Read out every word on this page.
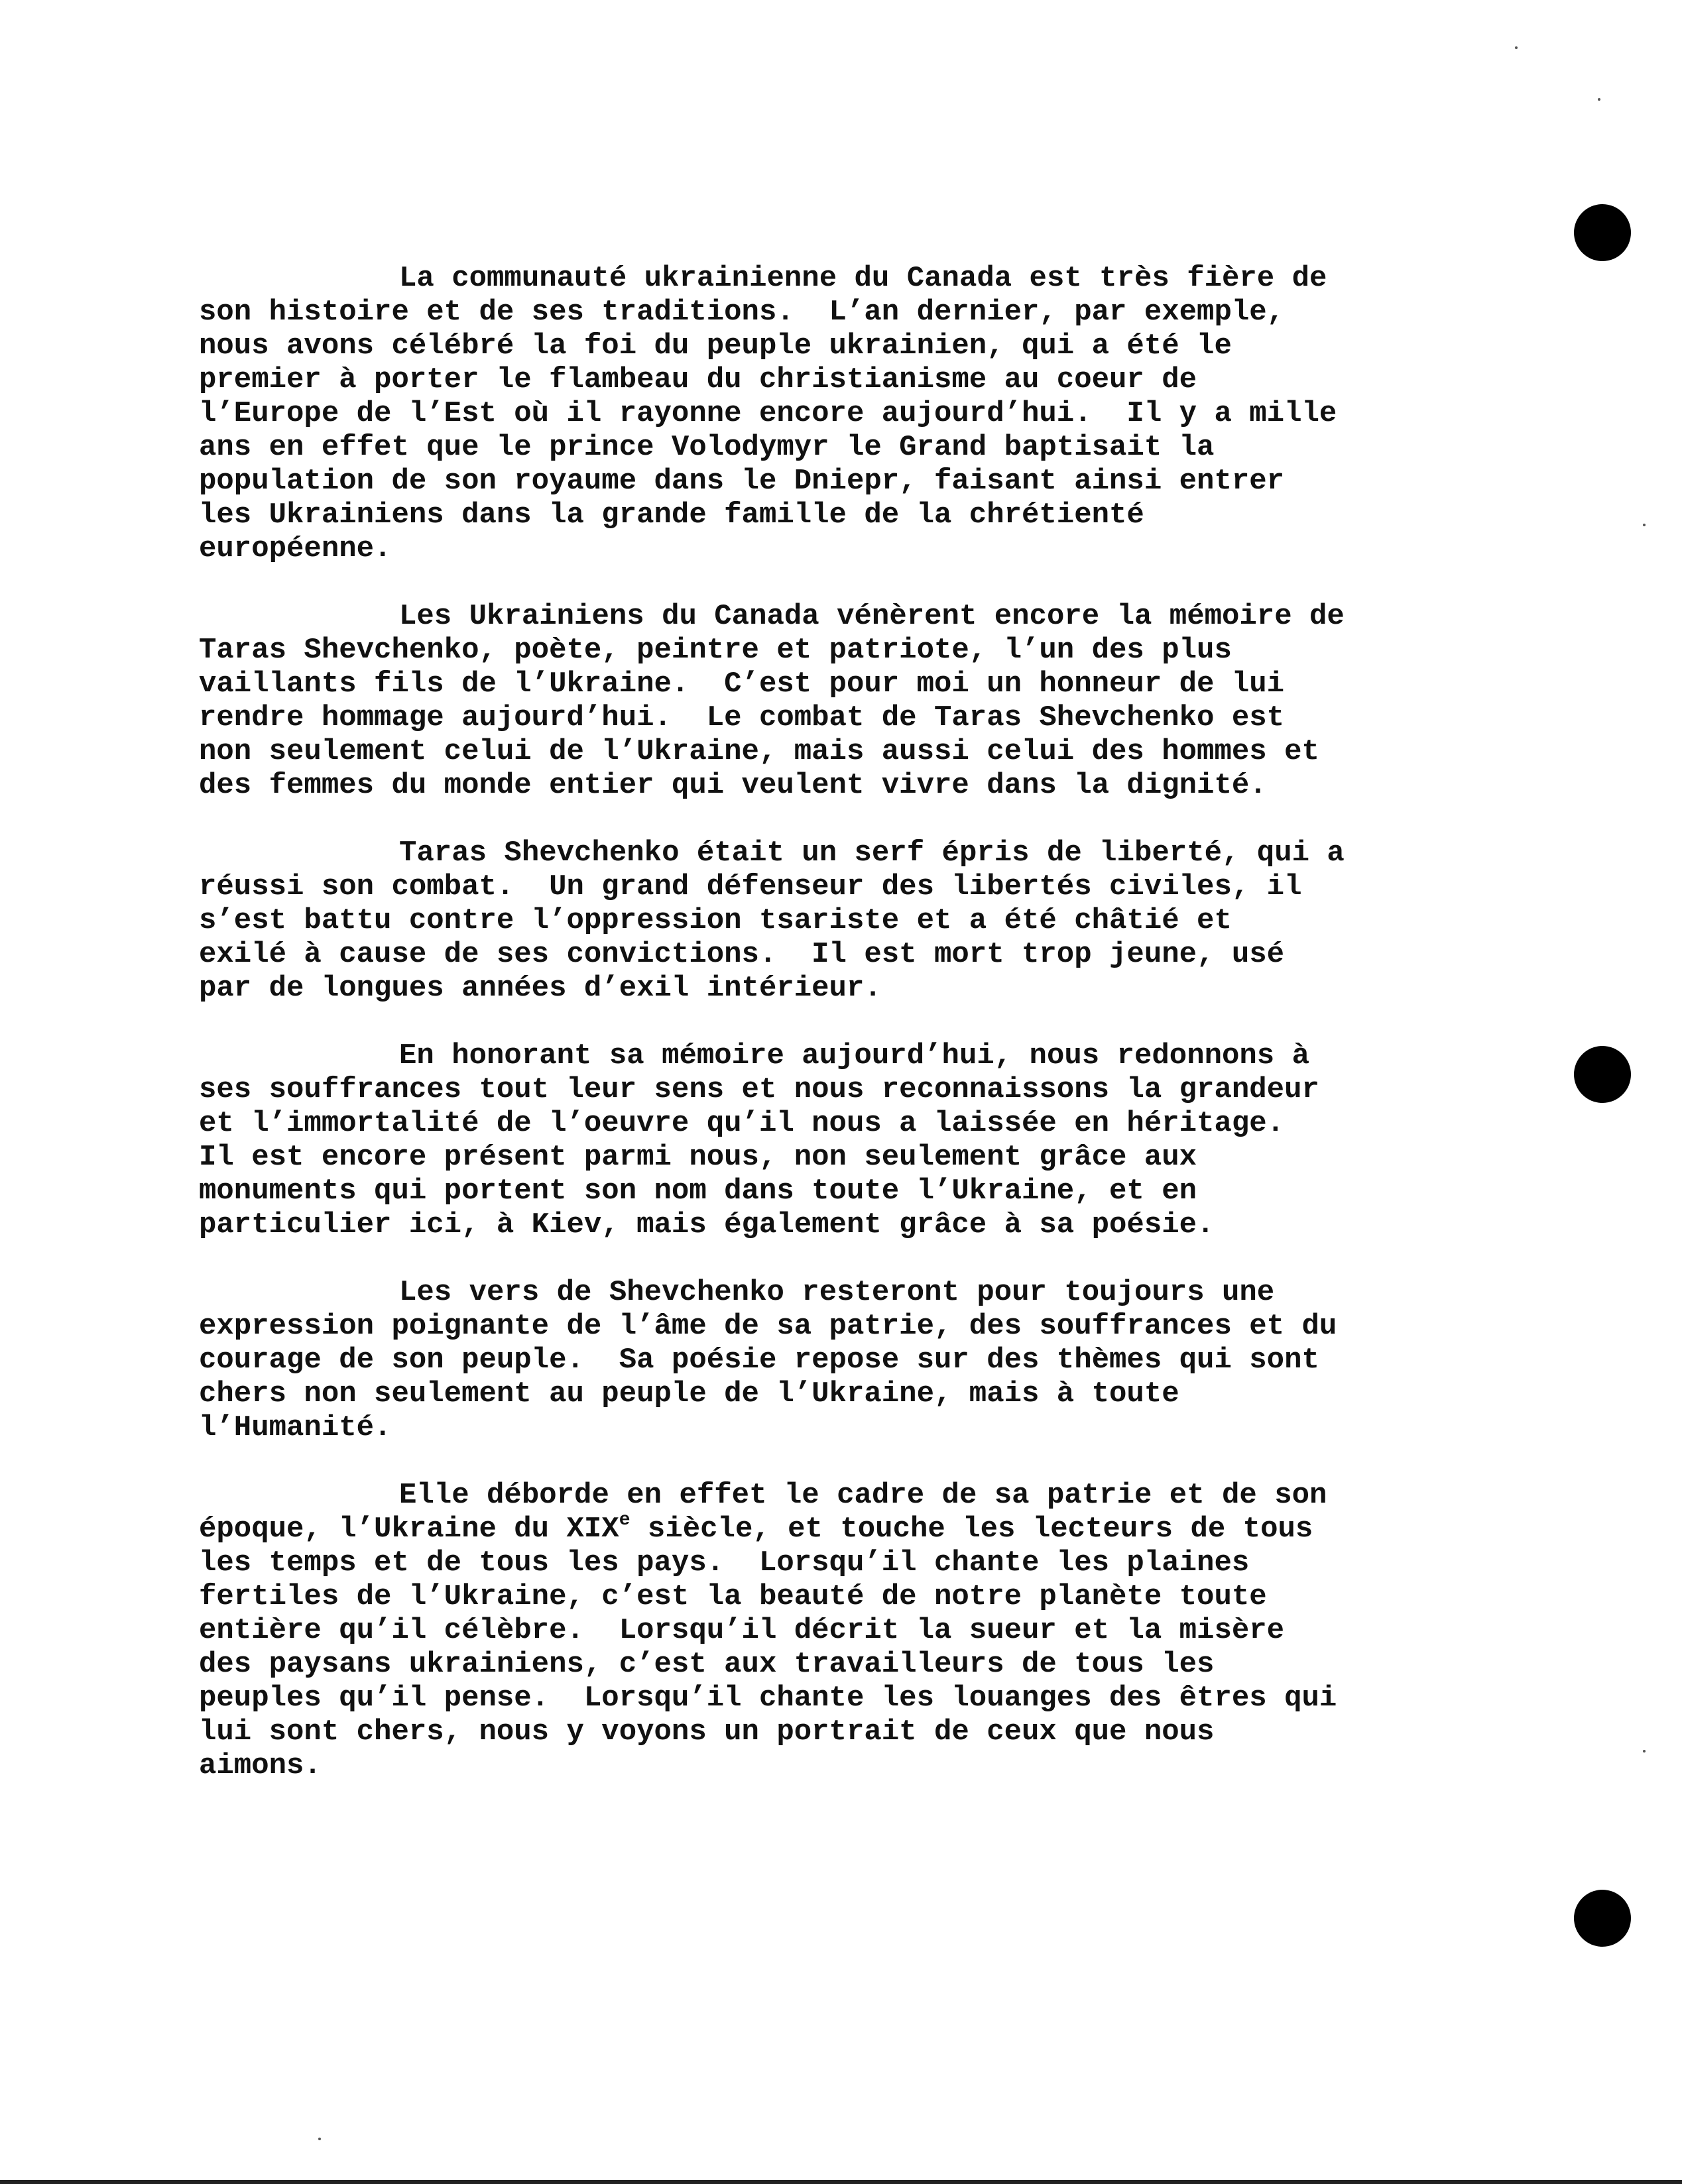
La communauté ukrainienne du Canada est très fière de
son histoire et de ses traditions.  L’an dernier, par exemple,
nous avons célébré la foi du peuple ukrainien, qui a été le
premier à porter le flambeau du christianisme au coeur de
l’Europe de l’Est où il rayonne encore aujourd’hui.  Il y a mille
ans en effet que le prince Volodymyr le Grand baptisait la
population de son royaume dans le Dniepr, faisant ainsi entrer
les Ukrainiens dans la grande famille de la chrétienté
européenne.
Les Ukrainiens du Canada vénèrent encore la mémoire de
Taras Shevchenko, poète, peintre et patriote, l’un des plus
vaillants fils de l’Ukraine.  C’est pour moi un honneur de lui
rendre hommage aujourd’hui.  Le combat de Taras Shevchenko est
non seulement celui de l’Ukraine, mais aussi celui des hommes et
des femmes du monde entier qui veulent vivre dans la dignité.
Taras Shevchenko était un serf épris de liberté, qui a
réussi son combat.  Un grand défenseur des libertés civiles, il
s’est battu contre l’oppression tsariste et a été châtié et
exilé à cause de ses convictions.  Il est mort trop jeune, usé
par de longues années d’exil intérieur.
En honorant sa mémoire aujourd’hui, nous redonnons à
ses souffrances tout leur sens et nous reconnaissons la grandeur
et l’immortalité de l’oeuvre qu’il nous a laissée en héritage.
Il est encore présent parmi nous, non seulement grâce aux
monuments qui portent son nom dans toute l’Ukraine, et en
particulier ici, à Kiev, mais également grâce à sa poésie.
Les vers de Shevchenko resteront pour toujours une
expression poignante de l’âme de sa patrie, des souffrances et du
courage de son peuple.  Sa poésie repose sur des thèmes qui sont
chers non seulement au peuple de l’Ukraine, mais à toute
l’Humanité.
Elle déborde en effet le cadre de sa patrie et de son
époque, l’Ukraine du XIXe siècle, et touche les lecteurs de tous
les temps et de tous les pays.  Lorsqu’il chante les plaines
fertiles de l’Ukraine, c’est la beauté de notre planète toute
entière qu’il célèbre.  Lorsqu’il décrit la sueur et la misère
des paysans ukrainiens, c’est aux travailleurs de tous les
peuples qu’il pense.  Lorsqu’il chante les louanges des êtres qui
lui sont chers, nous y voyons un portrait de ceux que nous
aimons.
